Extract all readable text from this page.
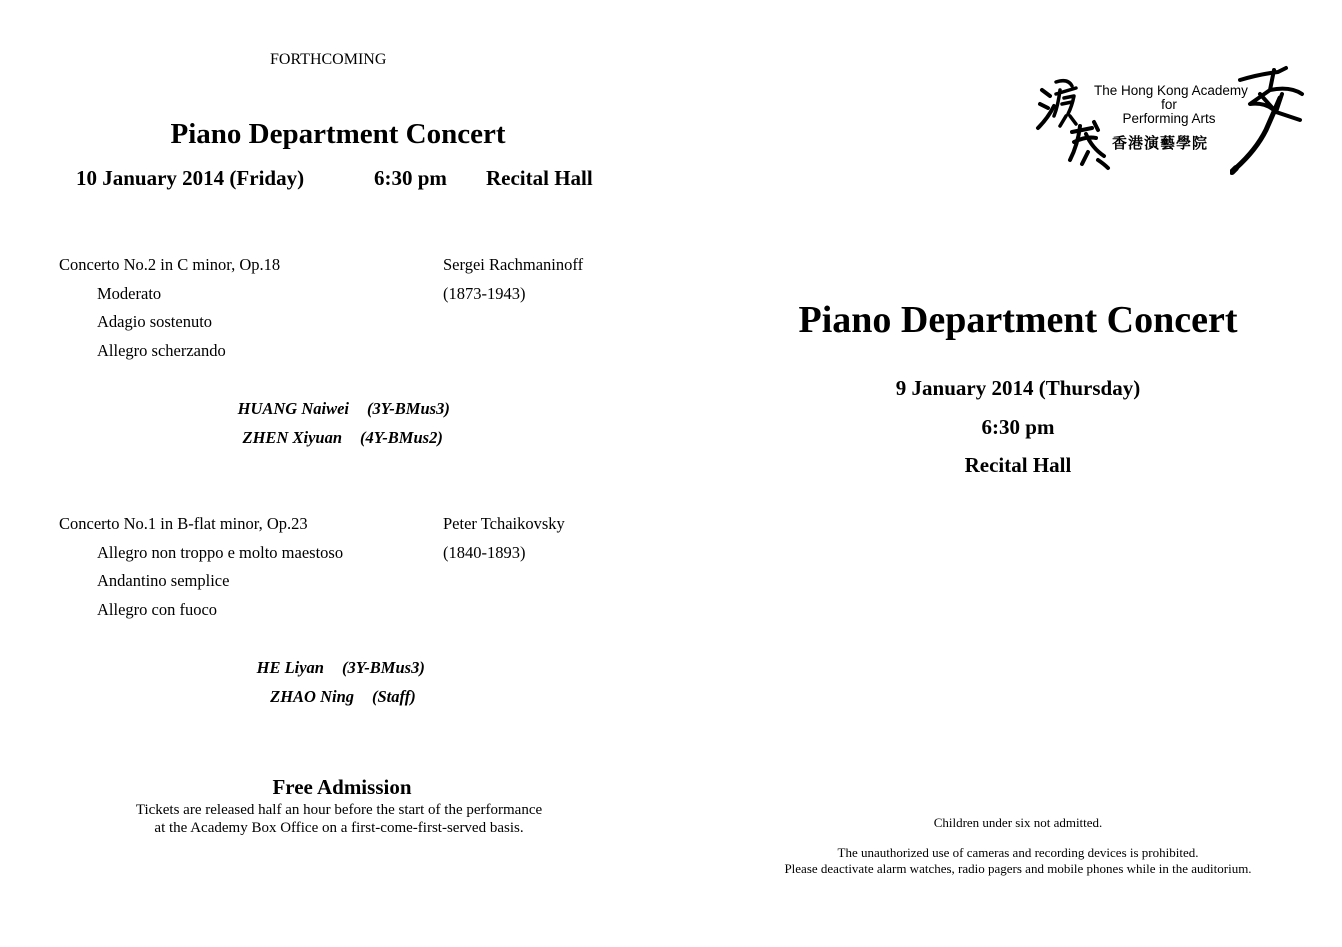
FORTHCOMING
Piano Department Concert
10 January 2014 (Friday)	6:30 pm Recital Hall
Concerto No.2 in C minor, Op.18	Sergei Rachmaninoff
Moderato	(1873-1943)
Adagio sostenuto
Allegro scherzando
HUANG Naiwei (3Y-BMus3)
ZHEN Xiyuan (4Y-BMus2)
Concerto No.1 in B-flat minor, Op.23	Peter Tchaikovsky
Allegro non troppo e molto maestoso	(1840-1893)
Andantino semplice
Allegro con fuoco
HE Liyan (3Y-BMus3)
ZHAO Ning (Staff)
Free Admission
Tickets are released half an hour before the start of the performance
at the Academy Box Office on a first-come-first-served basis.
The Hong Kong Academy
for
Performing Arts
香港演藝學院
Piano Department Concert
9 January 2014 (Thursday)
6:30 pm
Recital Hall
Children under six not admitted.
The unauthorized use of cameras and recording devices is prohibited.
Please deactivate alarm watches, radio pagers and mobile phones while in the auditorium.
